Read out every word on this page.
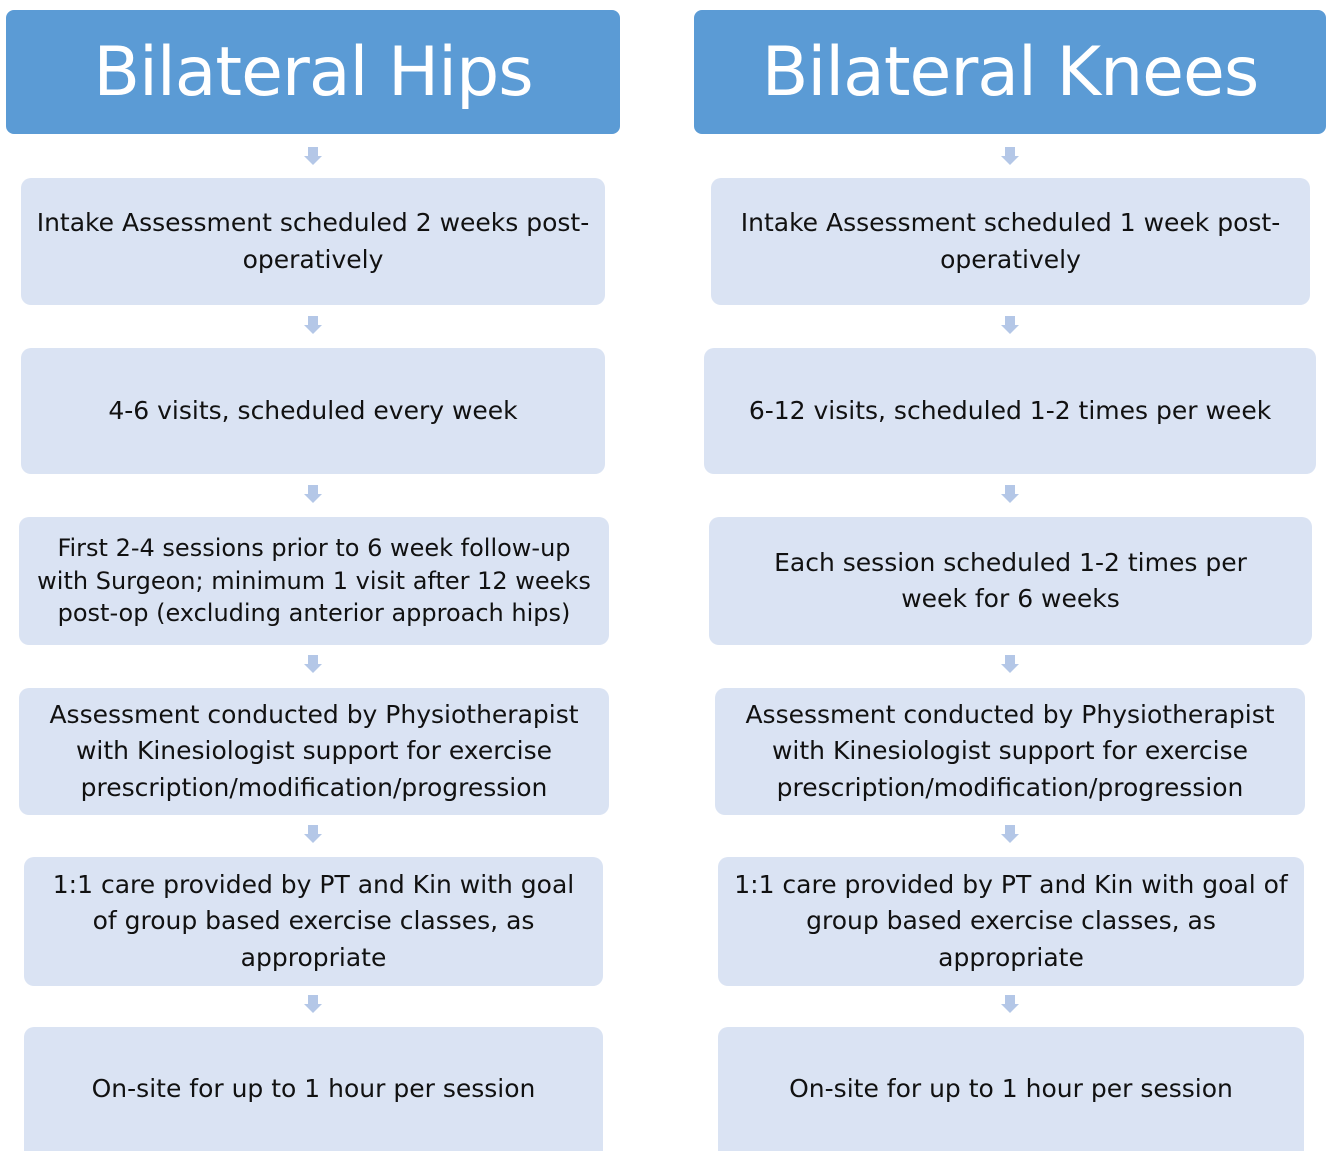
Bilateral Hips
Intake Assessment scheduled 2 weeks post-operatively
4-6 visits, scheduled every week
First 2-4 sessions prior to 6 week follow-up with Surgeon; minimum 1 visit after 12 weeks post-op (excluding anterior approach hips)
Assessment conducted by Physiotherapist with Kinesiologist support for exercise prescription/modification/progression
1:1 care provided by PT and Kin with goal of group based exercise classes, as appropriate
On-site for up to 1 hour per session
Bilateral Knees
Intake Assessment scheduled 1 week post-operatively
6-12 visits, scheduled 1-2 times per week
Each session scheduled 1-2 times per week for 6 weeks
Assessment conducted by Physiotherapist with Kinesiologist support for exercise prescription/modification/progression
1:1 care provided by PT and Kin with goal of group based exercise classes, as appropriate
On-site for up to 1 hour per session
